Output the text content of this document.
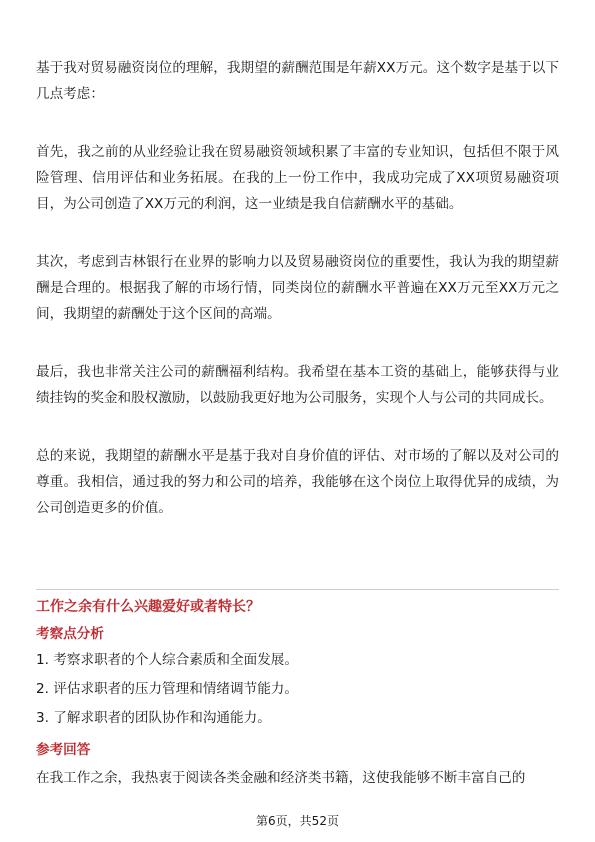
基于我对贸易融资岗位的理解，我期望的薪酬范围是年薪XX万元。这个数字是基于以下几点考虑：

首先，我之前的从业经验让我在贸易融资领域积累了丰富的专业知识，包括但不限于风险管理、信用评估和业务拓展。在我的上一份工作中，我成功完成了XX项贸易融资项目，为公司创造了XX万元的利润，这一业绩是我自信薪酬水平的基础。

其次，考虑到吉林银行在业界的影响力以及贸易融资岗位的重要性，我认为我的期望薪酬是合理的。根据我了解的市场行情，同类岗位的薪酬水平普遍在XX万元至XX万元之间，我期望的薪酬处于这个区间的高端。

最后，我也非常关注公司的薪酬福利结构。我希望在基本工资的基础上，能够获得与业绩挂钩的奖金和股权激励，以鼓励我更好地为公司服务，实现个人与公司的共同成长。

总的来说，我期望的薪酬水平是基于我对自身价值的评估、对市场的了解以及对公司的尊重。我相信，通过我的努力和公司的培养，我能够在这个岗位上取得优异的成绩，为公司创造更多的价值。

工作之余有什么兴趣爱好或者特长？
考察点分析
1. 考察求职者的个人综合素质和全面发展。
2. 评估求职者的压力管理和情绪调节能力。
3. 了解求职者的团队协作和沟通能力。
参考回答

在我工作之余，我热衷于阅读各类金融和经济类书籍，这使我能够不断丰富自己的

第6页，共52页
